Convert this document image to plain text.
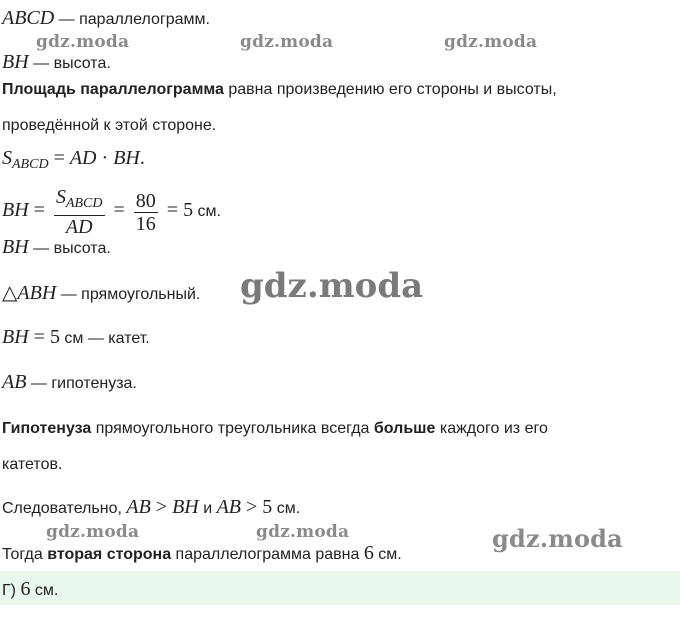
ABCD — параллелограмм.
BH — высота.
Площадь параллелограмма равна произведению его стороны и высоты,
проведённой к этой стороне.
SABCD = AD · BH.
BH = $\frac{\text{SABCD}}{AD} = \frac{80}{16} = 5$ см.
BH — высота.
△ABH — прямоугольный.
BH = 5 см — катет.
AB — гипотенуза.
Гипотенуза прямоугольного треугольника всегда больше каждого из его
катетов.
Следовательно, AB > BH и AB > 5 см.
Тогда вторая сторона параллелограмма равна 6 см.
Г) 6 см.
gdz.moda	gdz.moda	gdz.moda
gdz.moda
gdz.moda	gdz.moda	gdz.moda
